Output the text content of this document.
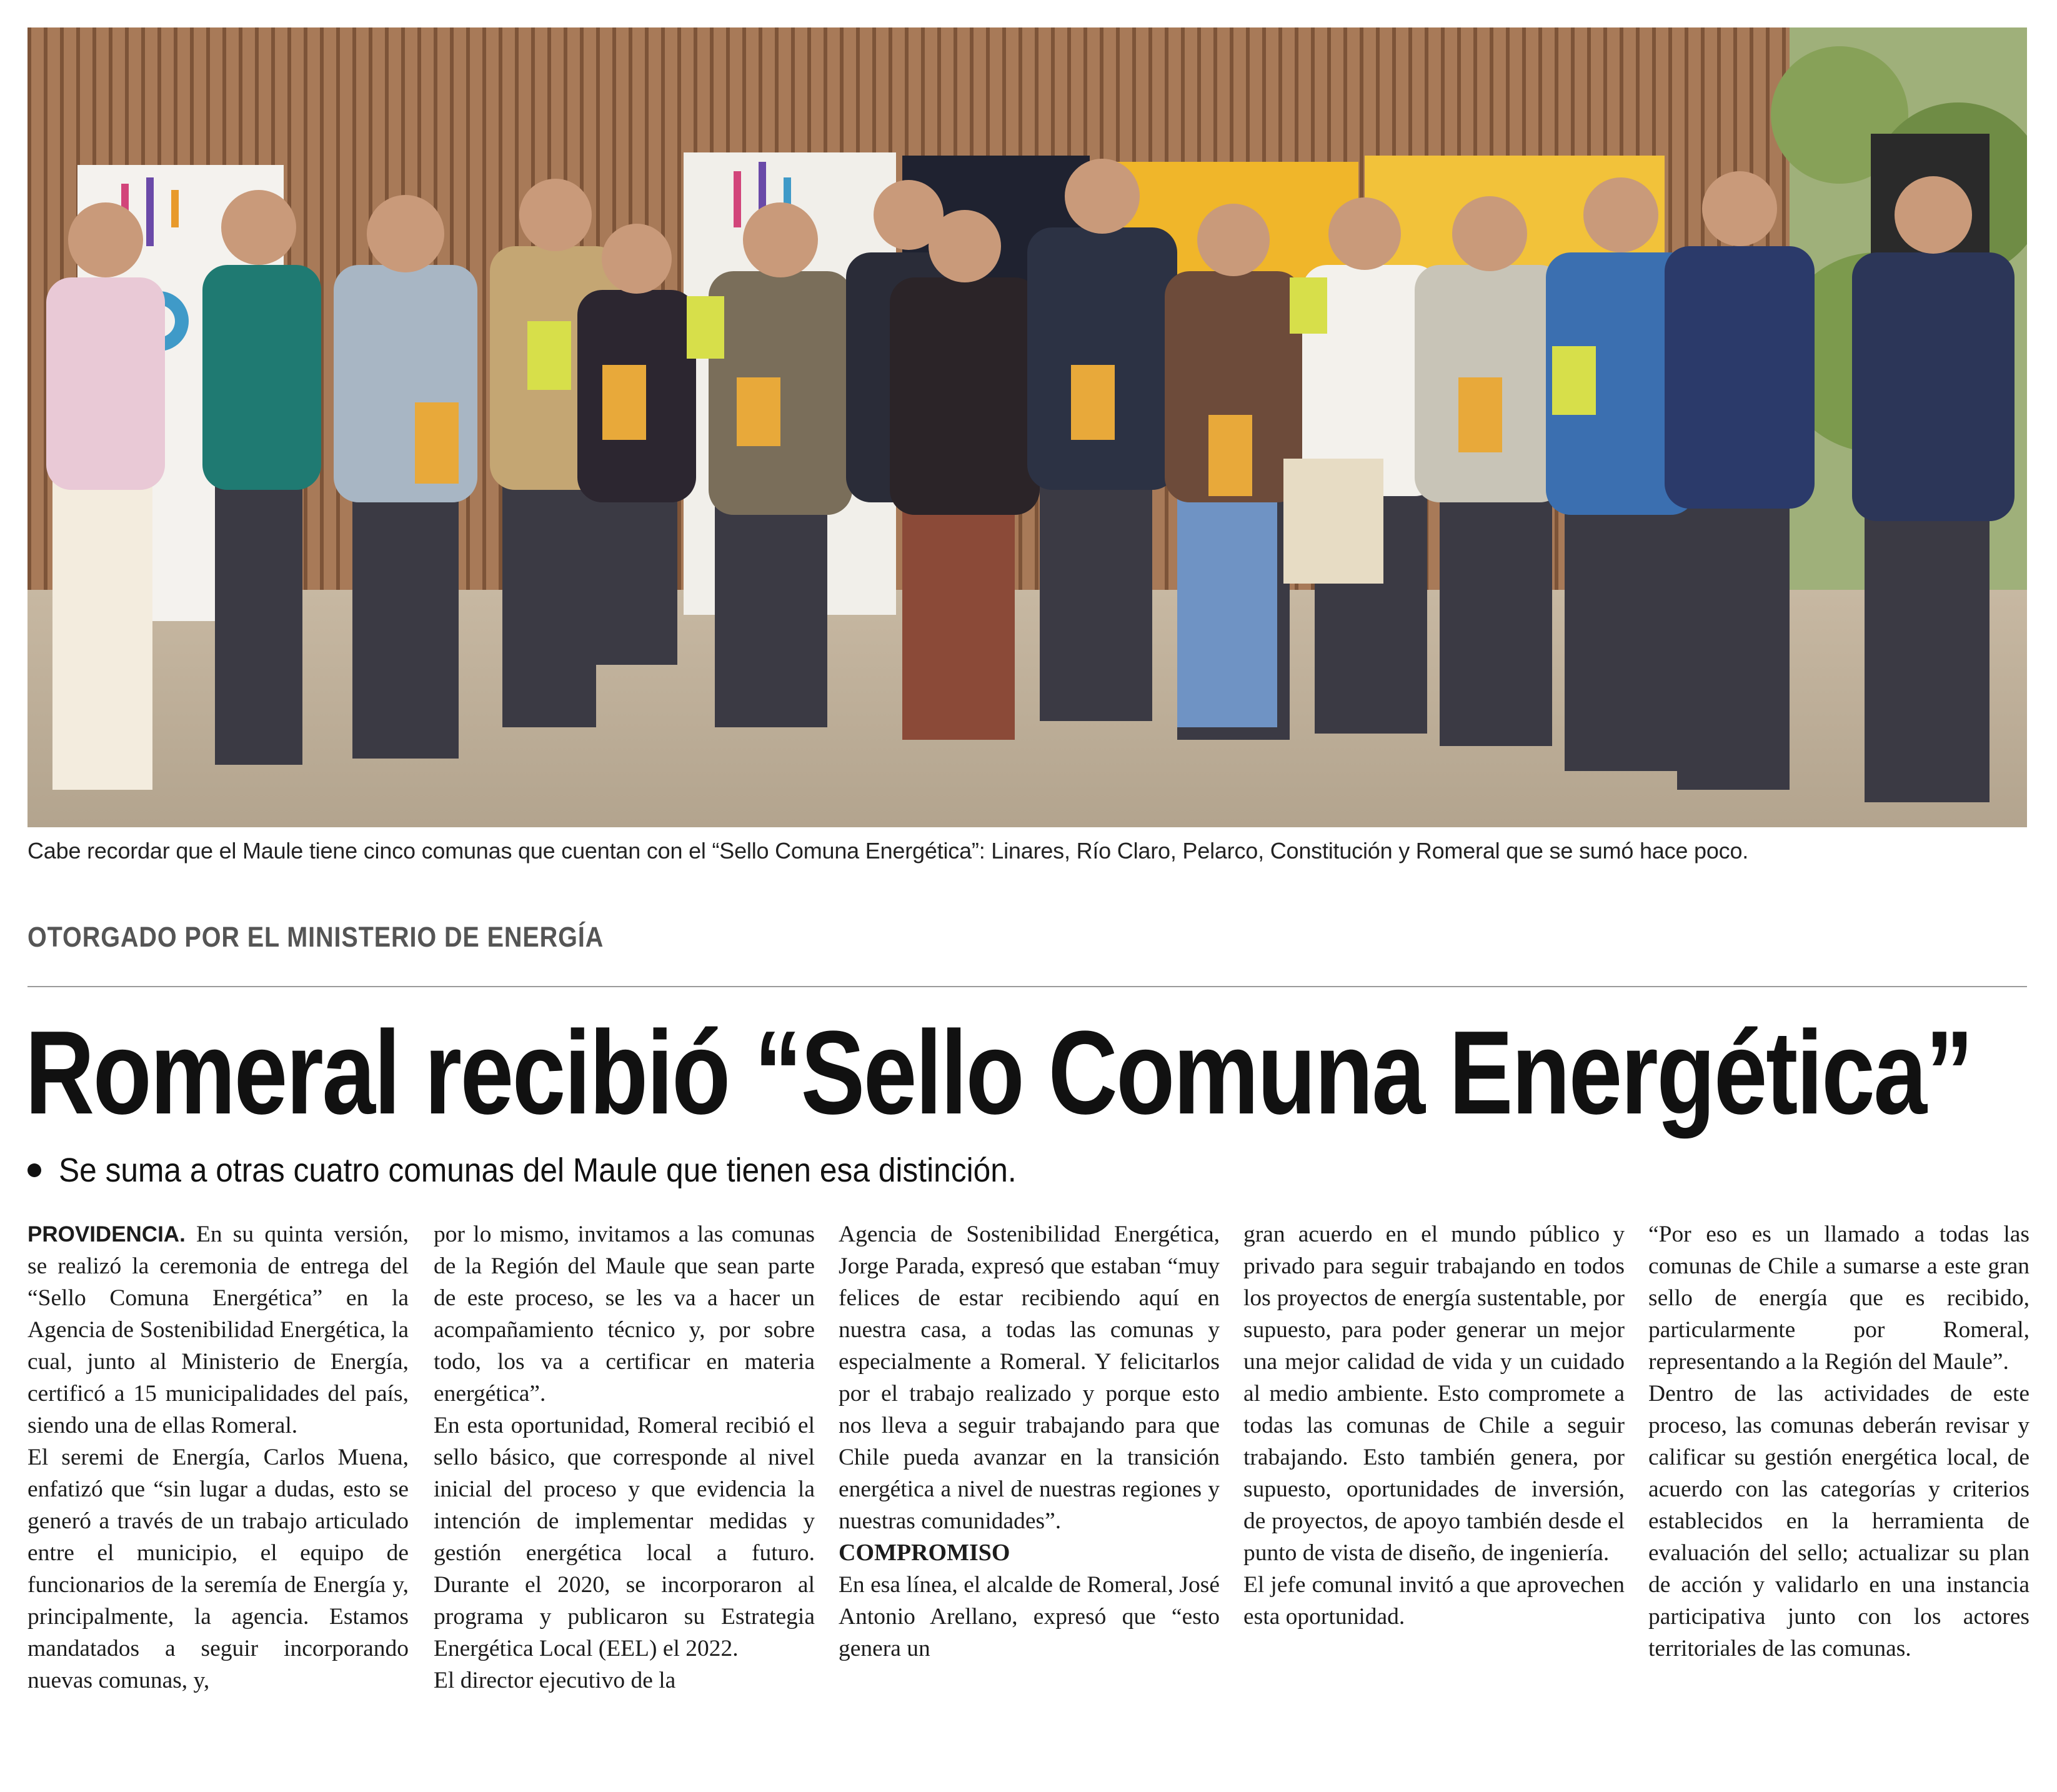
Cabe recordar que el Maule tiene cinco comunas que cuentan con el “Sello Comuna Energética”: Linares, Río Claro, Pelarco, Constitución y Romeral que se sumó hace poco.
OTORGADO POR EL MINISTERIO DE ENERGÍA
Romeral recibió “Sello Comuna Energética”
Se suma a otras cuatro comunas del Maule que tienen esa distinción.

PROVIDENCIA. En su quinta versión, se realizó la ceremonia de entrega del “Sello Comuna Energética” en la Agencia de Sostenibilidad Energética, la cual, junto al Ministerio de Energía, certificó a 15 municipalidades del país, siendo una de ellas Romeral.

El seremi de Energía, Carlos Muena, enfatizó que “sin lugar a dudas, esto se generó a través de un trabajo articulado entre el municipio, el equipo de funcionarios de la seremía de Energía y, principalmente, la agencia. Estamos mandatados a seguir incorporando nuevas comunas, y,

por lo mismo, invitamos a las comunas de la Región del Maule que sean parte de este proceso, se les va a hacer un acompañamiento técnico y, por sobre todo, los va a certificar en materia energética”.

En esta oportunidad, Romeral recibió el sello básico, que corresponde al nivel inicial del proceso y que evidencia la intención de implementar medidas y gestión energética local a futuro. Durante el 2020, se incorporaron al programa y publicaron su Estrategia Energética Local (EEL) el 2022.

El director ejecutivo de la

Agencia de Sostenibilidad Energética, Jorge Parada, expresó que estaban “muy felices de estar recibiendo aquí en nuestra casa, a todas las comunas y especialmente a Romeral. Y felicitarlos por el trabajo realizado y porque esto nos lleva a seguir trabajando para que Chile pueda avanzar en la transición energética a nivel de nuestras regiones y nuestras comunidades”.

COMPROMISO

En esa línea, el alcalde de Romeral, José Antonio Arellano, expresó que “esto genera un

gran acuerdo en el mundo público y privado para seguir trabajando en todos los proyectos de energía sustentable, por supuesto, para poder generar un mejor una mejor calidad de vida y un cuidado al medio ambiente. Esto compromete a todas las comunas de Chile a seguir trabajando. Esto también genera, por supuesto, oportunidades de inversión, de proyectos, de apoyo también desde el punto de vista de diseño, de ingeniería.

El jefe comunal invitó a que aprovechen esta oportunidad.

“Por eso es un llamado a todas las comunas de Chile a sumarse a este gran sello de energía que es recibido, particularmente por Romeral, representando a la Región del Maule”.

Dentro de las actividades de este proceso, las comunas deberán revisar y calificar su gestión energética local, de acuerdo con las categorías y criterios establecidos en la herramienta de evaluación del sello; actualizar su plan de acción y validarlo en una instancia participativa junto con los actores territoriales de las comunas.
